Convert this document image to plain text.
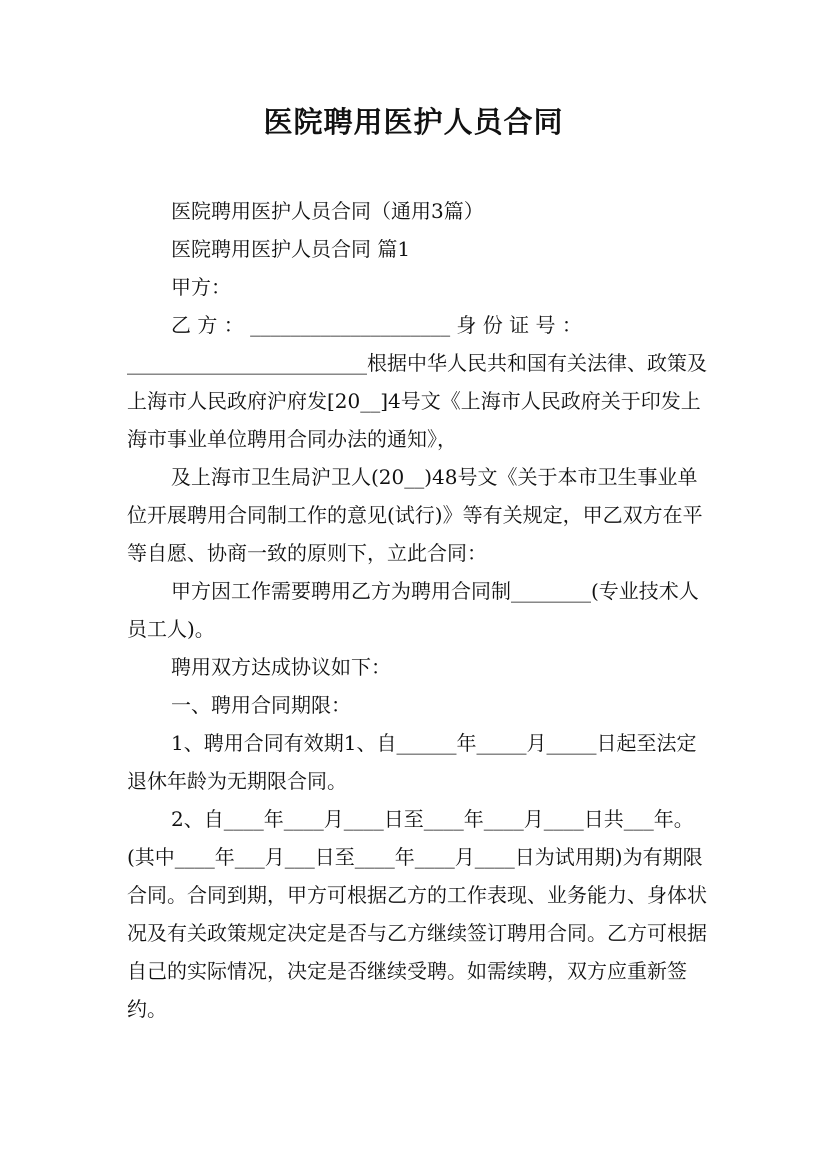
医院聘用医护人员合同

医院聘用医护人员合同（通用3篇）

医院聘用医护人员合同 篇1

甲方：

乙 方 ： ____________________ 身 份 证 号 ：

________________________根据中华人民共和国有关法律、政策及上海市人民政府沪府发[20__]4号文《上海市人民政府关于印发上海市事业单位聘用合同办法的通知》，

及上海市卫生局沪卫人(20__)48号文《关于本市卫生事业单位开展聘用合同制工作的意见(试行)》等有关规定，甲乙双方在平等自愿、协商一致的原则下，立此合同：

甲方因工作需要聘用乙方为聘用合同制________(专业技术人员工人)。

聘用双方达成协议如下：

一、聘用合同期限：

1、聘用合同有效期1、自______年_____月_____日起至法定退休年龄为无期限合同。

2、自____年____月____日至____年____月____日共___年。(其中____年___月___日至____年____月____日为试用期)为有期限合同。合同到期，甲方可根据乙方的工作表现、业务能力、身体状况及有关政策规定决定是否与乙方继续签订聘用合同。乙方可根据自己的实际情况，决定是否继续受聘。如需续聘，双方应重新签约。
